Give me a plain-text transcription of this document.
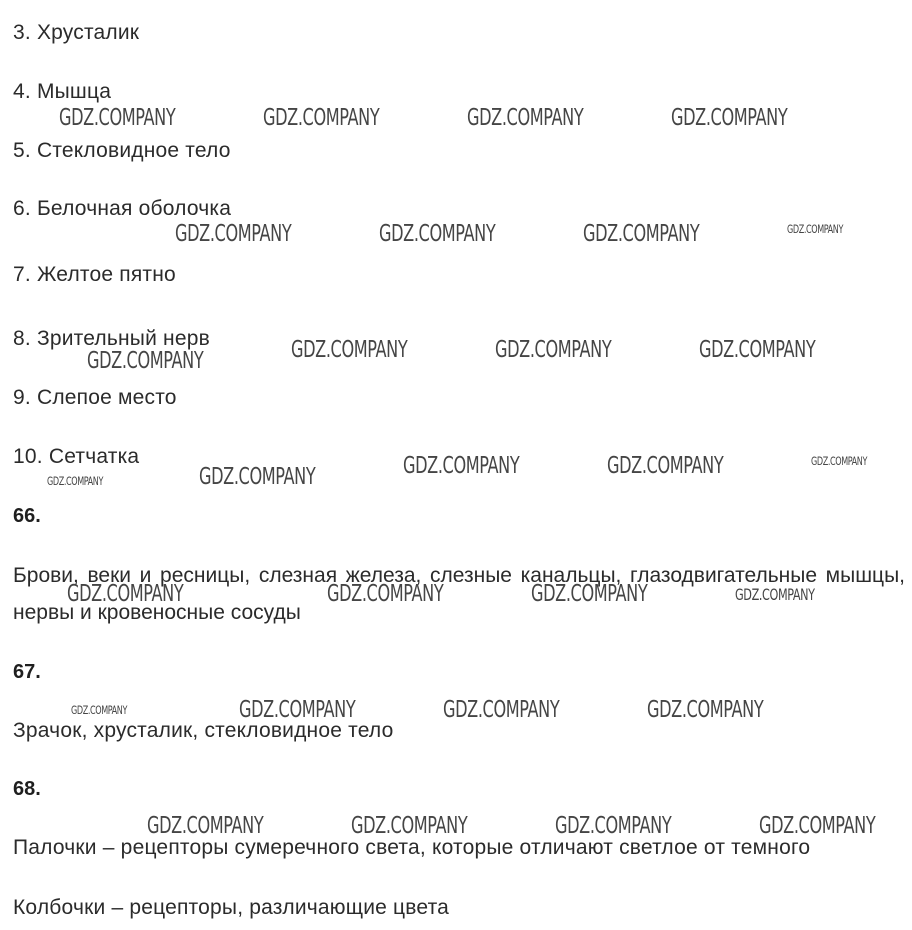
3. Хрусталик
4. Мышца
5. Стекловидное тело
6. Белочная оболочка
7. Желтое пятно
8. Зрительный нерв
9. Слепое место
10. Сетчатка
66.
Брови, веки и ресницы, слезная железа, слезные канальцы, глазодвигательные мышцы, нервы и кровеносные сосуды
67.
Зрачок, хрусталик, стекловидное тело
68.
Палочки – рецепторы сумеречного света, которые отличают светлое от темного
Колбочки – рецепторы, различающие цвета
GDZ.COMPANY	GDZ.COMPANY	GDZ.COMPANY	GDZ.COMPANY
GDZ.COMPANY	GDZ.COMPANY	GDZ.COMPANY	GDZ.COMPANY
GDZ.COMPANY	GDZ.COMPANY	GDZ.COMPANY
GDZ.COMPANY
GDZ.COMPANY	GDZ.COMPANY	GDZ.COMPANY
GDZ.COMPANY
GDZ.COMPANY
GDZ.COMPANY	GDZ.COMPANY	GDZ.COMPANY	GDZ.COMPANY
GDZ.COMPANY	GDZ.COMPANY	GDZ.COMPANY	GDZ.COMPANY
GDZ.COMPANY	GDZ.COMPANY	GDZ.COMPANY	GDZ.COMPANY
